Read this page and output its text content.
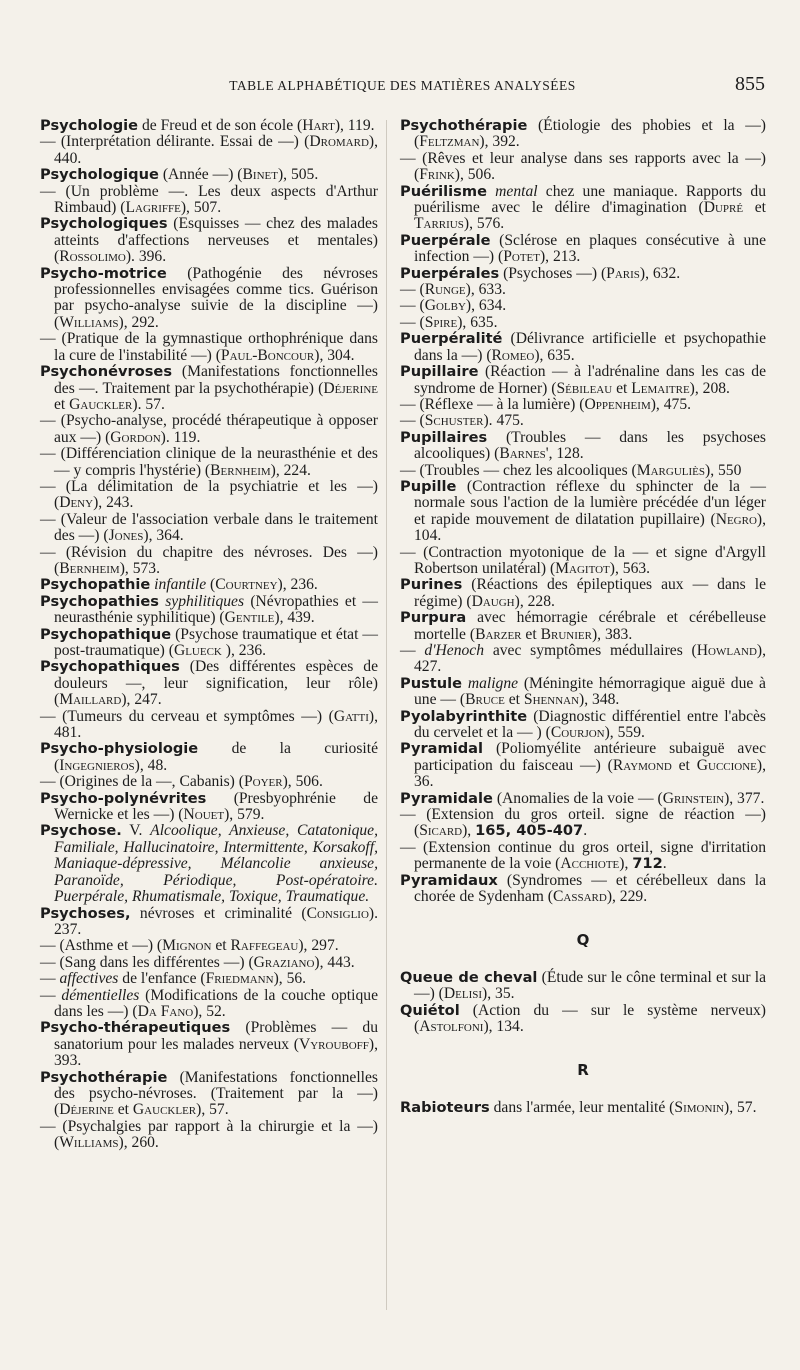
TABLE ALPHABÉTIQUE DES MATIÈRES ANALYSÉES	855

Psychologie de Freud et de son école (Hart), 119.

— (Interprétation délirante. Essai de —) (Dromard), 440.

Psychologique (Année —) (Binet), 505.

— (Un problème —. Les deux aspects d'Arthur Rimbaud) (Lagriffe), 507.

Psychologiques (Esquisses — chez des malades atteints d'affections nerveuses et mentales) (Rossolimo). 396.

Psycho-motrice (Pathogénie des névroses professionnelles envisagées comme tics. Guérison par psycho-analyse suivie de la discipline —) (Williams), 292.

— (Pratique de la gymnastique orthophrénique dans la cure de l'instabilité —) (Paul-Boncour), 304.

Psychonévroses (Manifestations fonctionnelles des —. Traitement par la psychothérapie) (Déjerine et Gauckler). 57.

— (Psycho-analyse, procédé thérapeutique à opposer aux —) (Gordon). 119.

— (Différenciation clinique de la neurasthénie et des — y compris l'hystérie) (Bernheim), 224.

— (La délimitation de la psychiatrie et les —) (Deny), 243.

— (Valeur de l'association verbale dans le traitement des —) (Jones), 364.

— (Révision du chapitre des névroses. Des —) (Bernheim), 573.

Psychopathie infantile (Courtney), 236.

Psychopathies syphilitiques (Névropathies et — neurasthénie syphilitique) (Gentile), 439.

Psychopathique (Psychose traumatique et état — post-traumatique) (Glueck ), 236.

Psychopathiques (Des différentes espèces de douleurs —, leur signification, leur rôle) (Maillard), 247.

— (Tumeurs du cerveau et symptômes —) (Gatti), 481.

Psycho-physiologie de la curiosité (Ingegnieros), 48.

— (Origines de la —, Cabanis) (Poyer), 506.

Psycho-polynévrites (Presbyophrénie de Wernicke et les —) (Nouet), 579.

Psychose. V. Alcoolique, Anxieuse, Catatonique, Familiale, Hallucinatoire, Intermittente, Korsakoff, Maniaque-dépressive, Mélancolie anxieuse, Paranoïde, Périodique, Post-opératoire. Puerpérale, Rhumatismale, Toxique, Traumatique.

Psychoses, névroses et criminalité (Consiglio). 237.

— (Asthme et —) (Mignon et Raffegeau), 297.

— (Sang dans les différentes —) (Graziano), 443.

— affectives de l'enfance (Friedmann), 56.

— démentielles (Modifications de la couche optique dans les —) (Da Fano), 52.

Psycho-thérapeutiques (Problèmes — du sanatorium pour les malades nerveux (Vyrouboff), 393.

Psychothérapie (Manifestations fonctionnelles des psycho-névroses. (Traitement par la —) (Déjerine et Gauckler), 57.

— (Psychalgies par rapport à la chirurgie et la —) (Williams), 260.

Psychothérapie (Étiologie des phobies et la —) (Feltzman), 392.

— (Rêves et leur analyse dans ses rapports avec la —) (Frink), 506.

Puérilisme mental chez une maniaque. Rapports du puérilisme avec le délire d'imagination (Dupré et Tarrius), 576.

Puerpérale (Sclérose en plaques consécutive à une infection —) (Potet), 213.

Puerpérales (Psychoses —) (Paris), 632.

— (Runge), 633.

— (Golby), 634.

— (Spire), 635.

Puerpéralité (Délivrance artificielle et psychopathie dans la —) (Romeo), 635.

Pupillaire (Réaction — à l'adrénaline dans les cas de syndrome de Horner) (Sébileau et Lemaitre), 208.

— (Réflexe — à la lumière) (Oppenheim), 475.

— (Schuster). 475.

Pupillaires (Troubles — dans les psychoses alcooliques) (Barnes', 128.

— (Troubles — chez les alcooliques (Marguliès), 550

Pupille (Contraction réflexe du sphincter de la — normale sous l'action de la lumière précédée d'un léger et rapide mouvement de dilatation pupillaire) (Negro), 104.

— (Contraction myotonique de la — et signe d'Argyll Robertson unilatéral) (Magitot), 563.

Purines (Réactions des épileptiques aux — dans le régime) (Daugh), 228.

Purpura avec hémorragie cérébrale et cérébelleuse mortelle (Barzer et Brunier), 383.

— d'Henoch avec symptômes médullaires (Howland), 427.

Pustule maligne (Méningite hémorragique aiguë due à une — (Bruce et Shennan), 348.

Pyolabyrinthite (Diagnostic différentiel entre l'abcès du cervelet et la — ) (Courjon), 559.

Pyramidal (Poliomyélite antérieure subaiguë avec participation du faisceau —) (Raymond et Guccione), 36.

Pyramidale (Anomalies de la voie — (Grinstein), 377.

— (Extension du gros orteil. signe de réaction —) (Sicard), 165, 405-407.

— (Extension continue du gros orteil, signe d'irritation permanente de la voie (Acchiote), 712.

Pyramidaux (Syndromes — et cérébelleux dans la chorée de Sydenham (Cassard), 229.

Q

Queue de cheval (Étude sur le cône terminal et sur la —) (Delisi), 35.

Quiétol (Action du — sur le système nerveux) (Astolfoni), 134.

R

Rabioteurs dans l'armée, leur mentalité (Simonin), 57.
